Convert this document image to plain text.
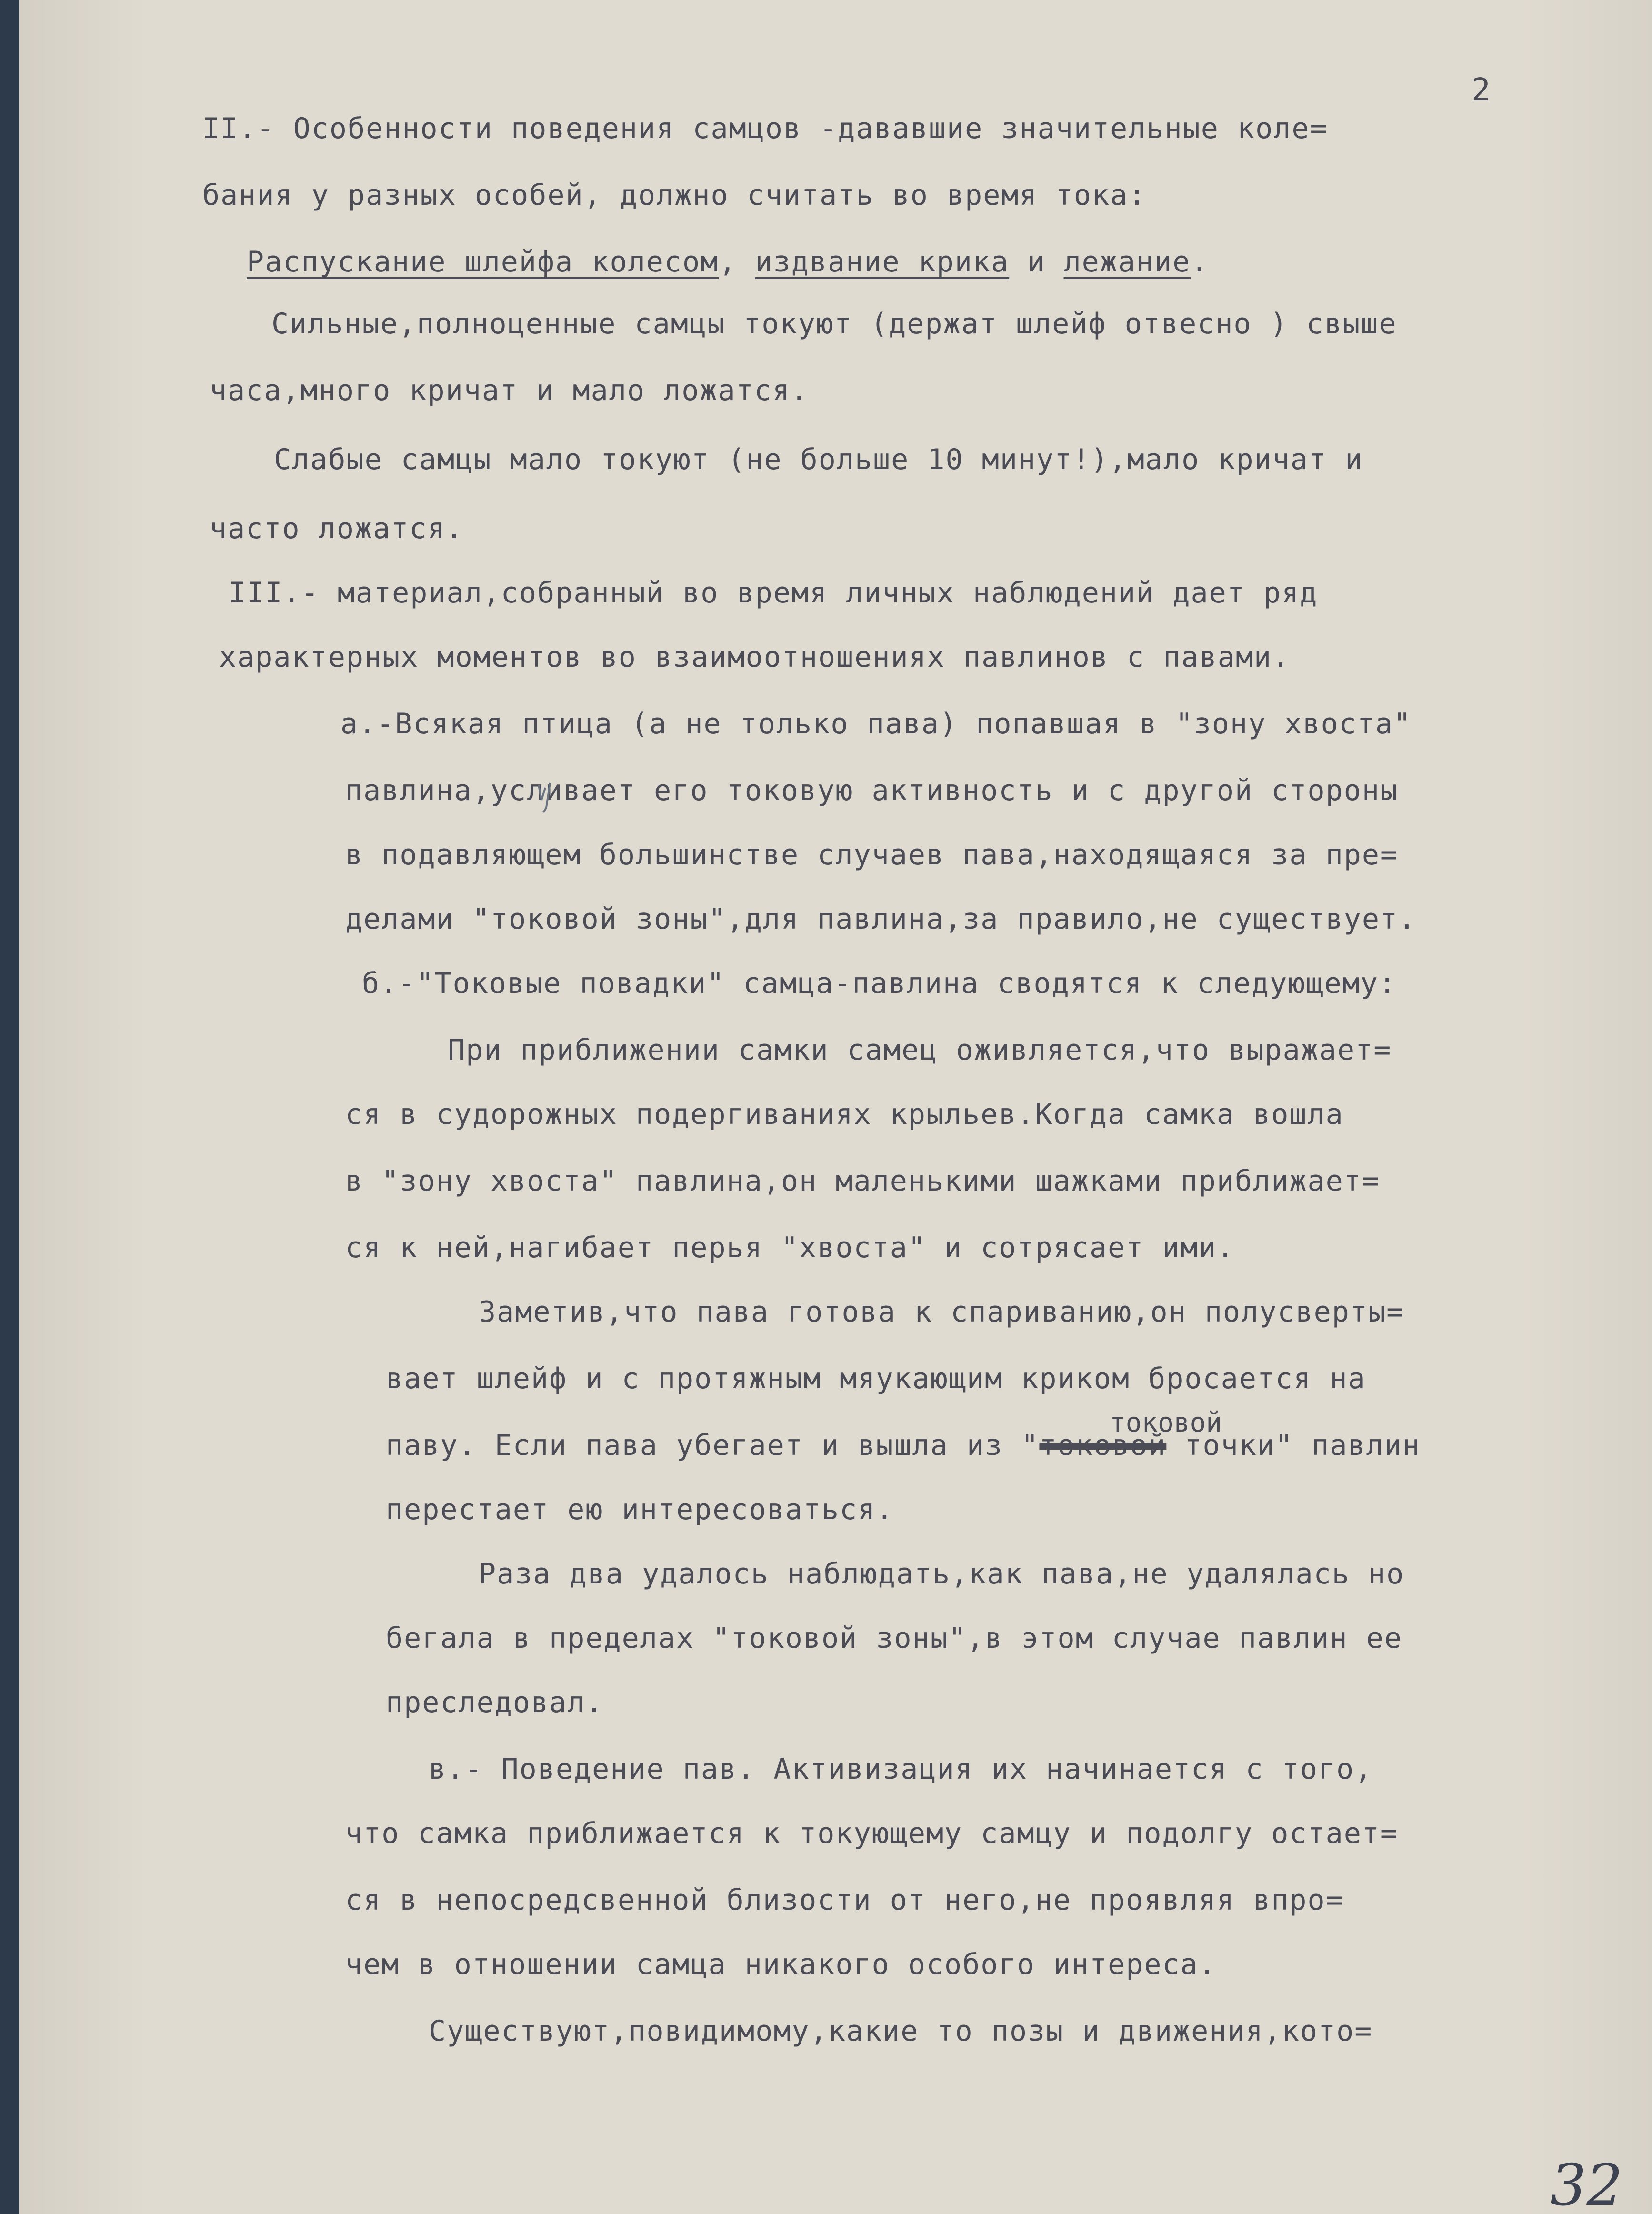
2
II.- Особенности поведения самцов -дававшие значительные коле=
бания у разных особей, должно считать во время тока:
Распускание шлейфа колесом, издвание крика и лежание.
Сильные,полноценные самцы токуют (держат шлейф отвесно ) свыше
часа,много кричат и мало ложатся.
Слабые самцы мало токуют (не больше 10 минут!),мало кричат и
часто ложатся.
III.- материал,собранный во время личных наблюдений дает ряд
характерных моментов во взаимоотношениях павлинов с павами.
а.-Всякая птица (а не только пава) попавшая в "зону хвоста"
павлина,усливает его токовую активность и с другой стороны
в подавляющем большинстве случаев пава,находящаяся за пре=
делами "токовой зоны",для павлина,за правило,не существует.
б.-"Токовые повадки" самца-павлина сводятся к следующему:
При приближении самки самец оживляется,что выражает=
ся в судорожных подергиваниях крыльев.Когда самка вошла
в "зону хвоста" павлина,он маленькими шажками приближает=
ся к ней,нагибает перья "хвоста" и сотрясает ими.
Заметив,что пава готова к спариванию,он полусверты=
вает шлейф и с протяжным мяукающим криком бросается на
паву. Если пава убегает и вышла из "токовой точки" павлин
перестает ею интересоваться.
Раза два удалось наблюдать,как пава,не удалялась но
бегала в пределах "токовой зоны",в этом случае павлин ее
преследовал.
в.- Поведение пав. Активизация их начинается с того,
что самка приближается к токующему самцу и подолгу остает=
ся в непосредсвенной близости от него,не проявляя впро=
чем в отношении самца никакого особого интереса.
Существуют,повидимому,какие то позы и движения,кото=
токовой
32
